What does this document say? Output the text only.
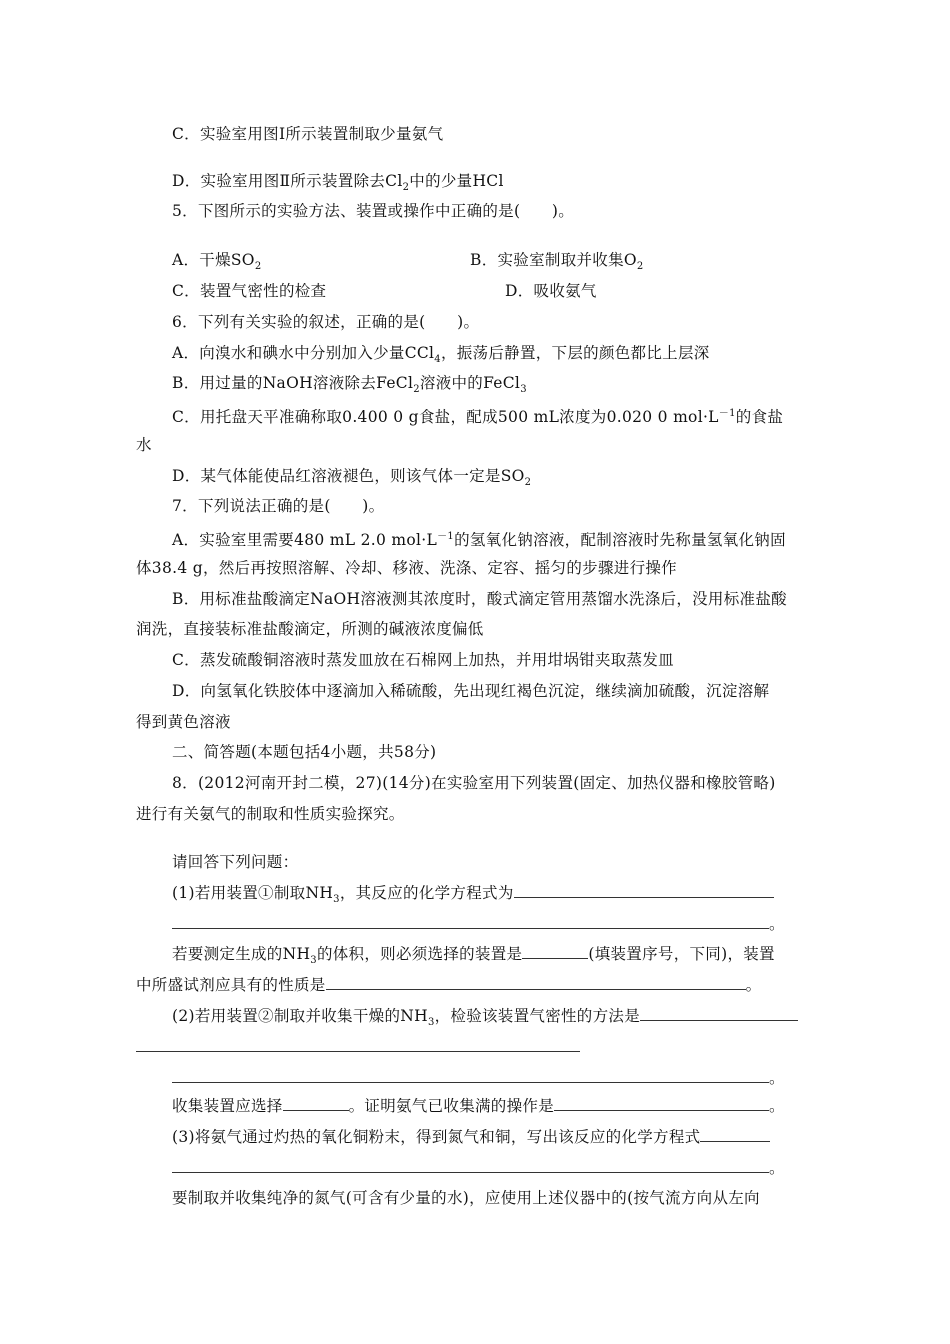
C．实验室用图Ⅰ所示装置制取少量氨气
D．实验室用图Ⅱ所示装置除去$Cl_2$中的少量HCl
5．下图所示的实验方法、装置或操作中正确的是(　　)。
A．干燥$SO_2$	B．实验室制取并收集$O_2$
C．装置气密性的检查	D．吸收氨气
6．下列有关实验的叙述，正确的是(　　)。
A．向溴水和碘水中分别加入少量CCl$_4$，振荡后静置，下层的颜色都比上层深
B．用过量的NaOH溶液除去FeCl$_2$溶液中的FeCl$_3$
C．用托盘天平准确称取0.400 0 g食盐，配成500 mL浓度为0.020 0 $mol\cdot L^{-1}$的食盐
水
D．某气体能使品红溶液褪色，则该气体一定是$SO_2$
7．下列说法正确的是(　　)。
A．实验室里需要480 mL 2.0 $mol\cdot L^{-1}$的氢氧化钠溶液，配制溶液时先称量氢氧化钠固
体38.4 g，然后再按照溶解、冷却、移液、洗涤、定容、摇匀的步骤进行操作
B．用标准盐酸滴定NaOH溶液测其浓度时，酸式滴定管用蒸馏水洗涤后，没用标准盐酸
润洗，直接装标准盐酸滴定，所测的碱液浓度偏低
C．蒸发硫酸铜溶液时蒸发皿放在石棉网上加热，并用坩埚钳夹取蒸发皿
D．向氢氧化铁胶体中逐滴加入稀硫酸，先出现红褐色沉淀，继续滴加硫酸，沉淀溶解
得到黄色溶液
二、简答题(本题包括4小题，共58分)
8．(2012河南开封二模，27)(14分)在实验室用下列装置(固定、加热仪器和橡胶管略)
进行有关氨气的制取和性质实验探究。
请回答下列问题：
(1)若用装置①制取$NH_3$，其反应的化学方程式为
。
若要测定生成的$NH_3$的体积，则必须选择的装置是	(填装置序号，下同)，装置
中所盛试剂应具有的性质是	。
(2)若用装置②制取并收集干燥的$NH_3$，检验该装置气密性的方法是
。
收集装置应选择	。证明氨气已收集满的操作是	。
(3)将氨气通过灼热的氧化铜粉末，得到氮气和铜，写出该反应的化学方程式
。
要制取并收集纯净的氮气(可含有少量的水)，应使用上述仪器中的(按气流方向从左向
